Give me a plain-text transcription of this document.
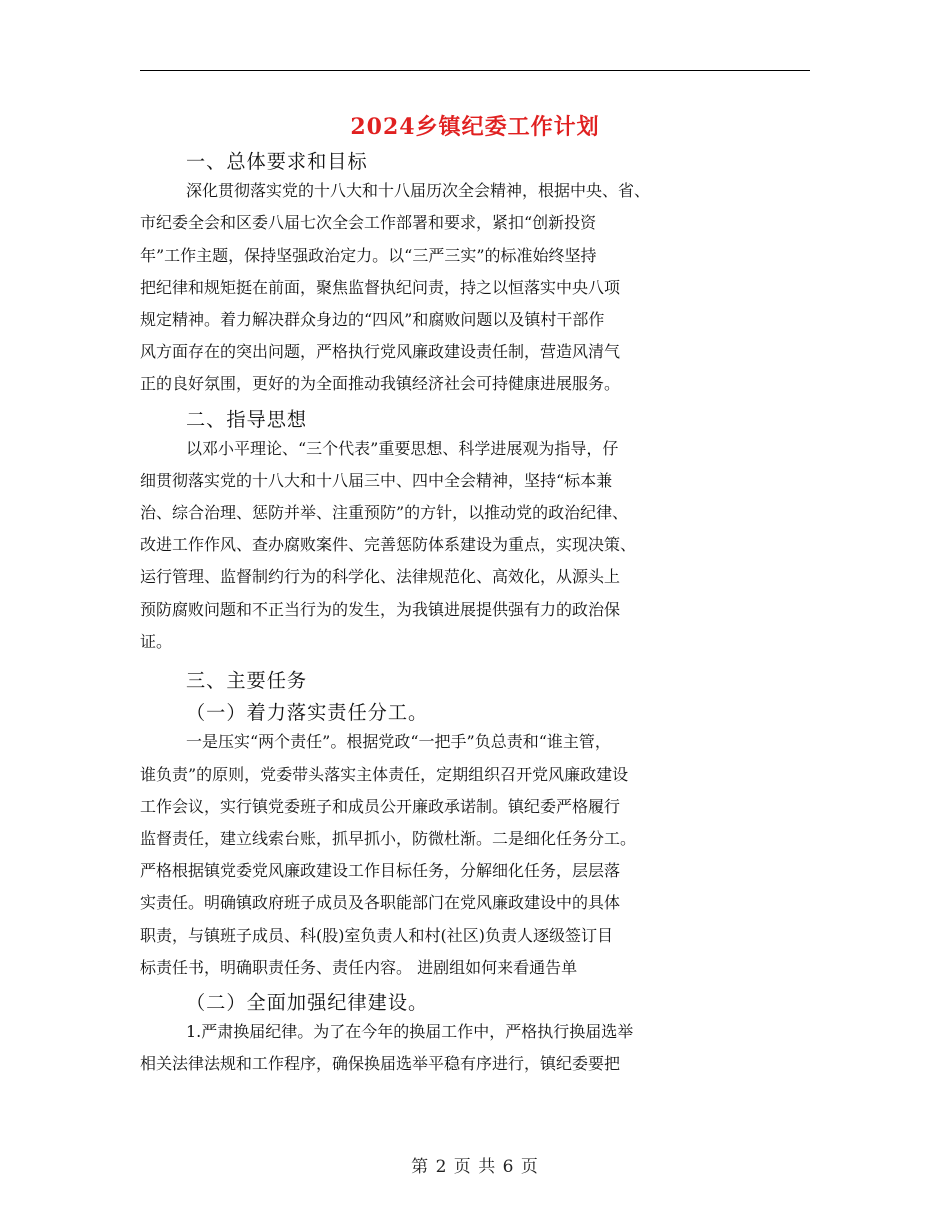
2024乡镇纪委工作计划
一、总体要求和目标
深化贯彻落实党的十八大和十八届历次全会精神，根据中央、省、
市纪委全会和区委八届七次全会工作部署和要求，紧扣“创新投资
年”工作主题，保持坚强政治定力。以“三严三实”的标准始终坚持
把纪律和规矩挺在前面，聚焦监督执纪问责，持之以恒落实中央八项
规定精神。着力解决群众身边的“四风”和腐败问题以及镇村干部作
风方面存在的突出问题，严格执行党风廉政建设责任制，营造风清气
正的良好氛围，更好的为全面推动我镇经济社会可持健康进展服务。
二、指导思想
以邓小平理论、“三个代表”重要思想、科学进展观为指导，仔
细贯彻落实党的十八大和十八届三中、四中全会精神，坚持“标本兼
治、综合治理、惩防并举、注重预防”的方针，以推动党的政治纪律、
改进工作作风、查办腐败案件、完善惩防体系建设为重点，实现决策、
运行管理、监督制约行为的科学化、法律规范化、高效化，从源头上
预防腐败问题和不正当行为的发生，为我镇进展提供强有力的政治保
证。
三、主要任务
（一）着力落实责任分工。
一是压实“两个责任”。根据党政“一把手”负总责和“谁主管，
谁负责”的原则，党委带头落实主体责任，定期组织召开党风廉政建设
工作会议，实行镇党委班子和成员公开廉政承诺制。镇纪委严格履行
监督责任，建立线索台账，抓早抓小，防微杜渐。二是细化任务分工。
严格根据镇党委党风廉政建设工作目标任务，分解细化任务，层层落
实责任。明确镇政府班子成员及各职能部门在党风廉政建设中的具体
职责，与镇班子成员、科(股)室负责人和村(社区)负责人逐级签订目
标责任书，明确职责任务、责任内容。 进剧组如何来看通告单
（二）全面加强纪律建设。
1.严肃换届纪律。为了在今年的换届工作中，严格执行换届选举
相关法律法规和工作程序，确保换届选举平稳有序进行，镇纪委要把
第 2 页 共 6 页
